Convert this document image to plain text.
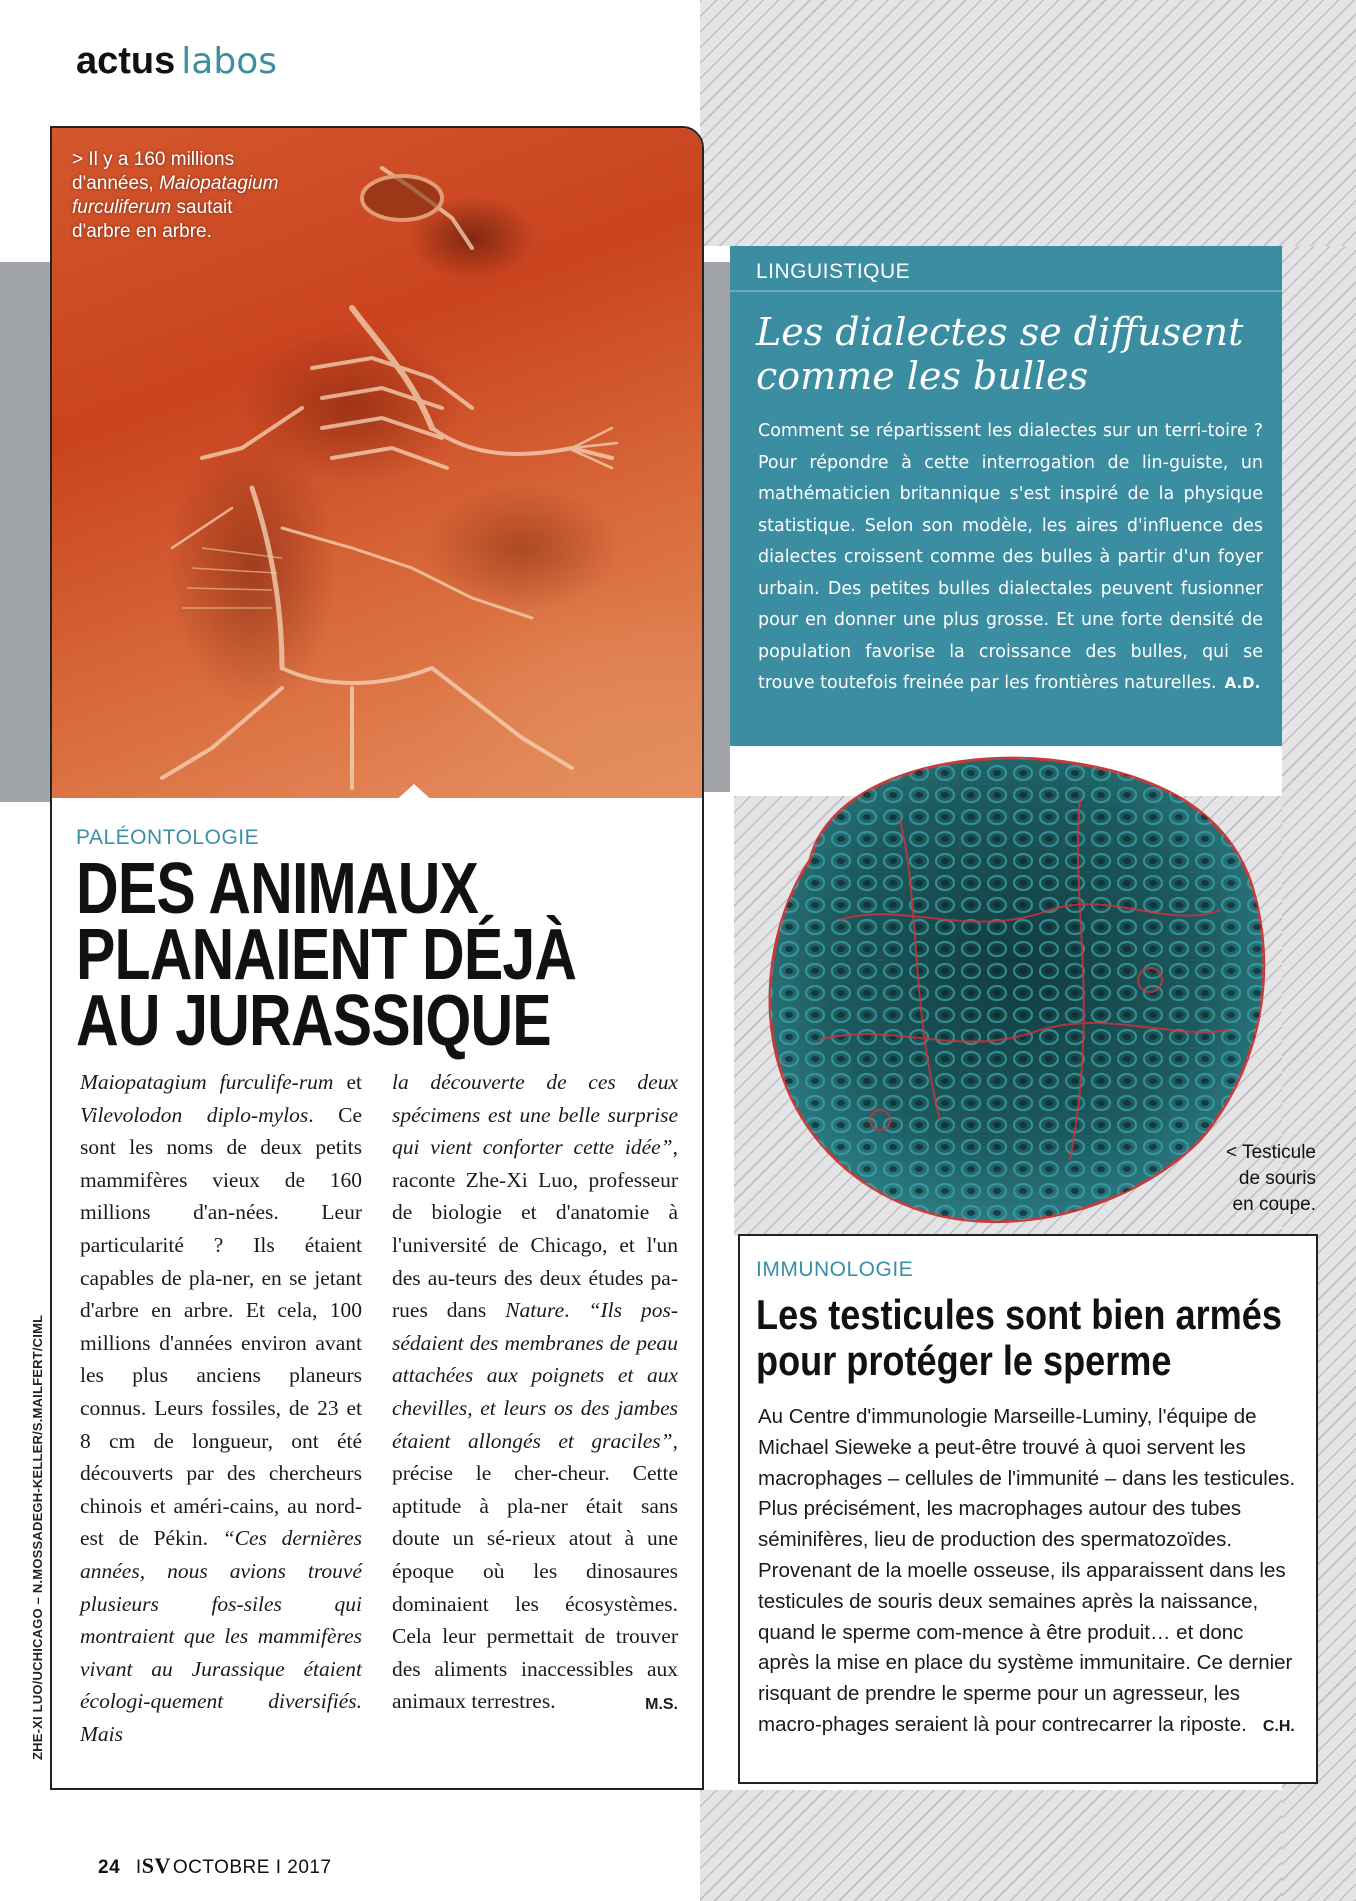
actus labos
> Il y a 160 millions
d'années, Maiopatagium
furculiferum sautait
d'arbre en arbre.
PALÉONTOLOGIE
DES ANIMAUX
PLANAIENT DÉJÀ
AU JURASSIQUE
Maiopatagium furculife-rum et Vilevolodon diplo-mylos. Ce sont les noms de deux petits mammifères vieux de 160 millions d'an-nées. Leur particularité ? Ils étaient capables de pla-ner, en se jetant d'arbre en arbre. Et cela, 100 millions d'années environ avant les plus anciens planeurs connus. Leurs fossiles, de 23 et 8 cm de longueur, ont été découverts par des chercheurs chinois et améri-cains, au nord-est de Pékin. “Ces dernières années, nous avions trouvé plusieurs fos-siles qui montraient que les mammifères vivant au Jurassique étaient écologi-quement diversifiés. Mais
la découverte de ces deux spécimens est une belle surprise qui vient conforter cette idée”, raconte Zhe-Xi Luo, professeur de biologie et d'anatomie à l'université de Chicago, et l'un des au-teurs des deux études pa-rues dans Nature. “Ils pos-sédaient des membranes de peau attachées aux poignets et aux chevilles, et leurs os des jambes étaient allongés et graciles”, précise le cher-cheur. Cette aptitude à pla-ner était sans doute un sé-rieux atout à une époque où les dinosaures dominaient les écosystèmes. Cela leur permettait de trouver des aliments inaccessibles aux animaux terrestres.	M.S.
ZHE-XI LUO/UCHICAGO – N.MOSSADEGH-KELLER/S.MAILFERT/CIML
LINGUISTIQUE
Les dialectes se diffusent comme les bulles
Comment se répartissent les dialectes sur un terri-toire ? Pour répondre à cette interrogation de lin-guiste, un mathématicien britannique s'est inspiré de la physique statistique. Selon son modèle, les aires d'influence des dialectes croissent comme des bulles à partir d'un foyer urbain. Des petites bulles dialectales peuvent fusionner pour en donner une plus grosse. Et une forte densité de population favorise la croissance des bulles, qui se trouve toutefois freinée par les frontières naturelles. A.D.
< Testicule
de souris
en coupe.
IMMUNOLOGIE
Les testicules sont bien armés
pour protéger le sperme
Au Centre d'immunologie Marseille-Luminy, l'équipe de Michael Sieweke a peut-être trouvé à quoi servent les macrophages – cellules de l'immunité – dans les testicules. Plus précisément, les macrophages autour des tubes séminifères, lieu de production des spermatozoïdes. Provenant de la moelle osseuse, ils apparaissent dans les testicules de souris deux semaines après la naissance, quand le sperme com-mence à être produit… et donc après la mise en place du système immunitaire. Ce dernier risquant de prendre le sperme pour un agresseur, les macro-phages seraient là pour contrecarrer la riposte. C.H.
24 ISV OCTOBRE I 2017
